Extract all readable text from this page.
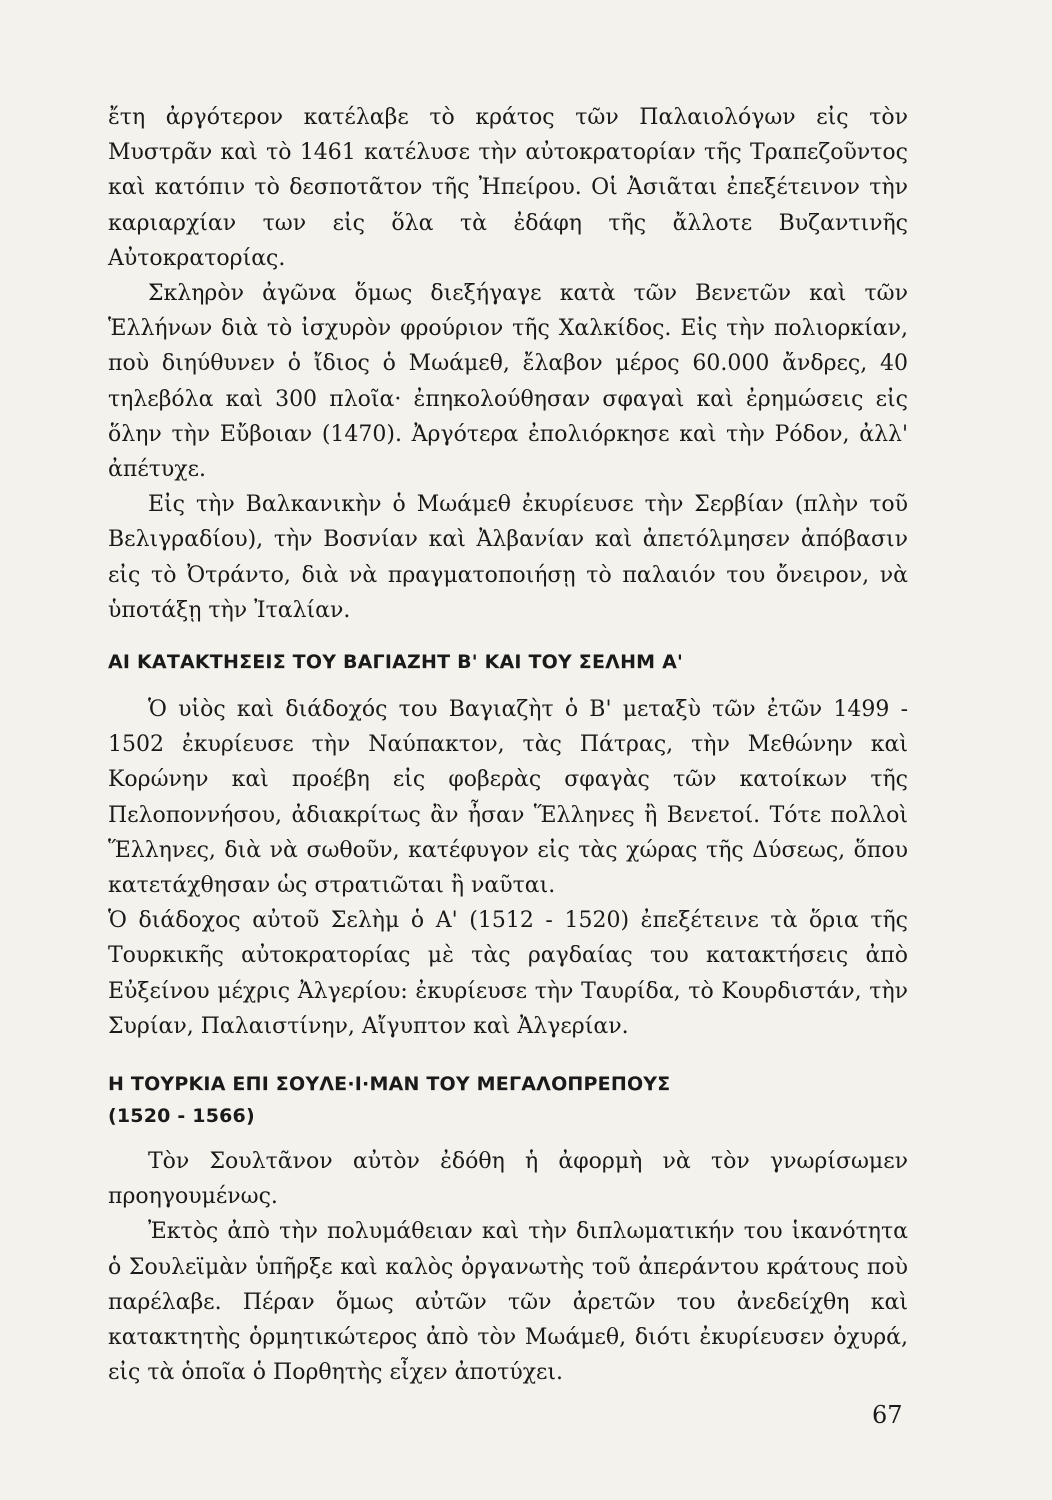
ἔτη ἀργότερον κατέλαβε τὸ κράτος τῶν Παλαιολόγων εἰς τὸν Μυστρᾶν καὶ τὸ 1461 κατέλυσε τὴν αὐτοκρατορίαν τῆς Τραπεζοῦντος καὶ κατόπιν τὸ δεσποτᾶτον τῆς Ἠπείρου. Οἱ Ἀσιᾶται ἐπεξέτεινον τὴν καριαρχίαν των εἰς ὅλα τὰ ἐδάφη τῆς ἄλλοτε Βυζαντινῆς Αὐτοκρατορίας.

Σκληρὸν ἀγῶνα ὅμως διεξήγαγε κατὰ τῶν Βενετῶν καὶ τῶν Ἑλλήνων διὰ τὸ ἰσχυρὸν φρούριον τῆς Χαλκίδος. Εἰς τὴν πολιορκίαν, ποὺ διηύθυνεν ὁ ἴδιος ὁ Μωάμεθ, ἔλαβον μέρος 60.000 ἄνδρες, 40 τηλεβόλα καὶ 300 πλοῖα· ἐπηκολούθησαν σφαγαὶ καὶ ἐρημώσεις εἰς ὅλην τὴν Εὔβοιαν (1470). Ἀργότερα ἐπολιόρκησε καὶ τὴν Ρόδον, ἀλλ' ἀπέτυχε.

Εἰς τὴν Βαλκανικὴν ὁ Μωάμεθ ἐκυρίευσε τὴν Σερβίαν (πλὴν τοῦ Βελιγραδίου), τὴν Βοσνίαν καὶ Ἀλβανίαν καὶ ἀπετόλμησεν ἀπόβασιν εἰς τὸ Ὀτράντο, διὰ νὰ πραγματοποιήσῃ τὸ παλαιόν του ὄνειρον, νὰ ὑποτάξῃ τὴν Ἰταλίαν.

ΑΙ ΚΑΤΑΚΤΗΣΕΙΣ ΤΟΥ ΒΑΓΙΑΖΗΤ Β' ΚΑΙ ΤΟΥ ΣΕΛΗΜ Α'

Ὁ υἱὸς καὶ διάδοχός του Βαγιαζὴτ ὁ Β' μεταξὺ τῶν ἐτῶν 1499 - 1502 ἐκυρίευσε τὴν Ναύπακτον, τὰς Πάτρας, τὴν Μεθώνην καὶ Κορώνην καὶ προέβη εἰς φοβερὰς σφαγὰς τῶν κατοίκων τῆς Πελοποννήσου, ἀδιακρίτως ἂν ἦσαν Ἕλληνες ἢ Βενετοί. Τότε πολλοὶ Ἕλληνες, διὰ νὰ σωθοῦν, κατέφυγον εἰς τὰς χώρας τῆς Δύσεως, ὅπου κατετάχθησαν ὡς στρατιῶται ἢ ναῦται.

Ὁ διάδοχος αὐτοῦ Σελὴμ ὁ Α' (1512 - 1520) ἐπεξέτεινε τὰ ὅρια τῆς Τουρκικῆς αὐτοκρατορίας μὲ τὰς ραγδαίας του κατακτήσεις ἀπὸ Εὐξείνου μέχρις Ἀλγερίου: ἐκυρίευσε τὴν Ταυρίδα, τὸ Κουρδιστάν, τὴν Συρίαν, Παλαιστίνην, Αἴγυπτον καὶ Ἀλγερίαν.

Η ΤΟΥΡΚΙΑ ΕΠΙ ΣΟΥΛΕ·Ι·ΜΑΝ ΤΟΥ ΜΕΓΑΛΟΠΡΕΠΟΥΣ
(1520 - 1566)

Τὸν Σουλτᾶνον αὐτὸν ἐδόθη ἡ ἀφορμὴ νὰ τὸν γνωρίσωμεν προηγουμένως.

Ἐκτὸς ἀπὸ τὴν πολυμάθειαν καὶ τὴν διπλωματικήν του ἱκανότητα ὁ Σουλεϊμὰν ὑπῆρξε καὶ καλὸς ὀργανωτὴς τοῦ ἀπεράντου κράτους ποὺ παρέλαβε. Πέραν ὅμως αὐτῶν τῶν ἀρετῶν του ἀνεδείχθη καὶ κατακτητὴς ὁρμητικώτερος ἀπὸ τὸν Μωάμεθ, διότι ἐκυρίευσεν ὀχυρά, εἰς τὰ ὁποῖα ὁ Πορθητὴς εἶχεν ἀποτύχει.

67
